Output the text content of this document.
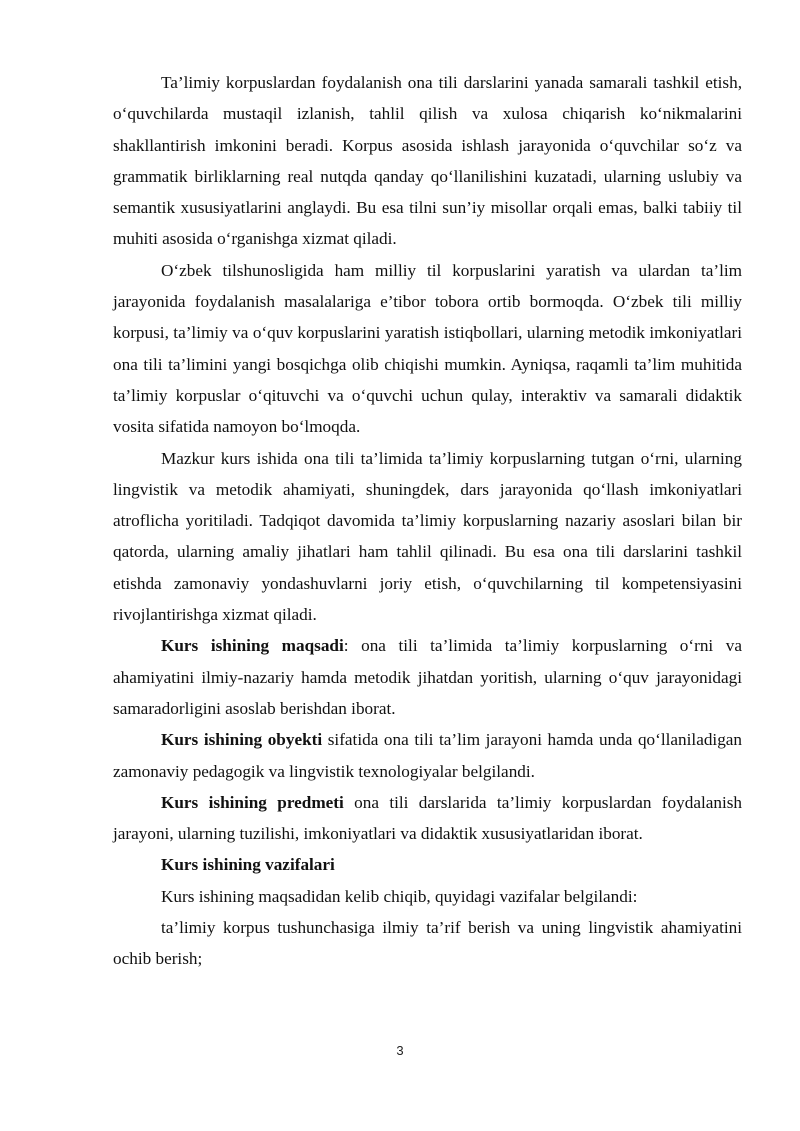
Ta’limiy korpuslardan foydalanish ona tili darslarini yanada samarali tashkil etish, o‘quvchilarda mustaqil izlanish, tahlil qilish va xulosa chiqarish ko‘nikmalarini shakllantirish imkonini beradi. Korpus asosida ishlash jarayonida o‘quvchilar so‘z va grammatik birliklarning real nutqda qanday qo‘llanilishini kuzatadi, ularning uslubiy va semantik xususiyatlarini anglaydi. Bu esa tilni sun’iy misollar orqali emas, balki tabiiy til muhiti asosida o‘rganishga xizmat qiladi.

O‘zbek tilshunosligida ham milliy til korpuslarini yaratish va ulardan ta’lim jarayonida foydalanish masalalariga e’tibor tobora ortib bormoqda. O‘zbek tili milliy korpusi, ta’limiy va o‘quv korpuslarini yaratish istiqbollari, ularning metodik imkoniyatlari ona tili ta’limini yangi bosqichga olib chiqishi mumkin. Ayniqsa, raqamli ta’lim muhitida ta’limiy korpuslar o‘qituvchi va o‘quvchi uchun qulay, interaktiv va samarali didaktik vosita sifatida namoyon bo‘lmoqda.

Mazkur kurs ishida ona tili ta’limida ta’limiy korpuslarning tutgan o‘rni, ularning lingvistik va metodik ahamiyati, shuningdek, dars jarayonida qo‘llash imkoniyatlari atroflicha yoritiladi. Tadqiqot davomida ta’limiy korpuslarning nazariy asoslari bilan bir qatorda, ularning amaliy jihatlari ham tahlil qilinadi. Bu esa ona tili darslarini tashkil etishda zamonaviy yondashuvlarni joriy etish, o‘quvchilarning til kompetensiyasini rivojlantirishga xizmat qiladi.

Kurs ishining maqsadi: ona tili ta’limida ta’limiy korpuslarning o‘rni va ahamiyatini ilmiy-nazariy hamda metodik jihatdan yoritish, ularning o‘quv jarayonidagi samaradorligini asoslab berishdan iborat.

Kurs ishining obyekti sifatida ona tili ta’lim jarayoni hamda unda qo‘llaniladigan zamonaviy pedagogik va lingvistik texnologiyalar belgilandi.

Kurs ishining predmeti ona tili darslarida ta’limiy korpuslardan foydalanish jarayoni, ularning tuzilishi, imkoniyatlari va didaktik xususiyatlaridan iborat.

Kurs ishining vazifalari

Kurs ishining maqsadidan kelib chiqib, quyidagi vazifalar belgilandi:

ta’limiy korpus tushunchasiga ilmiy ta’rif berish va uning lingvistik ahamiyatini ochib berish;

3
